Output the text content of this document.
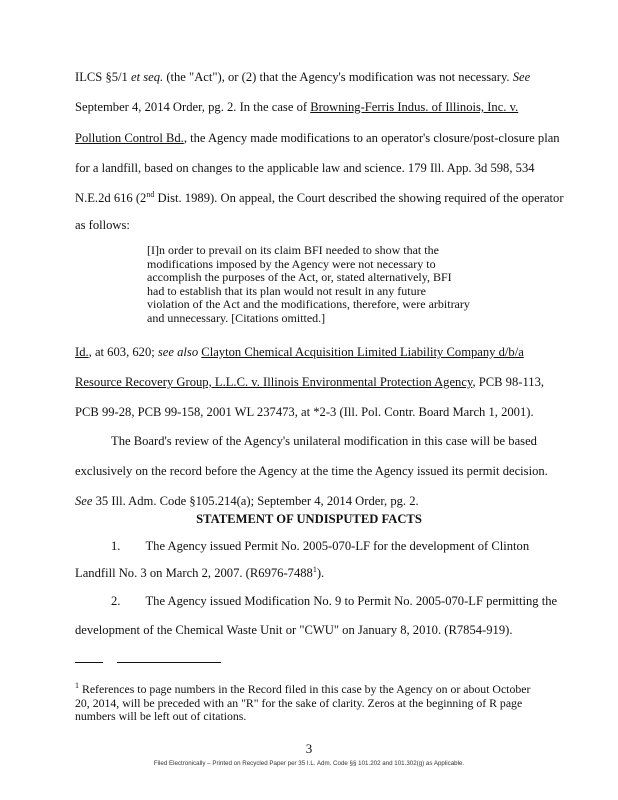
ILCS §5/1 et seq. (the "Act"), or (2) that the Agency's modification was not necessary. See
September 4, 2014 Order, pg. 2. In the case of Browning-Ferris Indus. of Illinois, Inc. v.
Pollution Control Bd., the Agency made modifications to an operator's closure/post-closure plan
for a landfill, based on changes to the applicable law and science. 179 Ill. App. 3d 598, 534
N.E.2d 616 (2nd Dist. 1989). On appeal, the Court described the showing required of the operator
as follows:
[I]n order to prevail on its claim BFI needed to show that the
modifications imposed by the Agency were not necessary to
accomplish the purposes of the Act, or, stated alternatively, BFI
had to establish that its plan would not result in any future
violation of the Act and the modifications, therefore, were arbitrary
and unnecessary. [Citations omitted.]
Id., at 603, 620; see also Clayton Chemical Acquisition Limited Liability Company d/b/a
Resource Recovery Group, L.L.C. v. Illinois Environmental Protection Agency, PCB 98-113,
PCB 99-28, PCB 99-158, 2001 WL 237473, at *2-3 (Ill. Pol. Contr. Board March 1, 2001).
The Board's review of the Agency's unilateral modification in this case will be based
exclusively on the record before the Agency at the time the Agency issued its permit decision.
See 35 Ill. Adm. Code §105.214(a); September 4, 2014 Order, pg. 2.
STATEMENT OF UNDISPUTED FACTS
1. The Agency issued Permit No. 2005-070-LF for the development of Clinton
Landfill No. 3 on March 2, 2007. (R6976-7488$^1$).
2. The Agency issued Modification No. 9 to Permit No. 2005-070-LF permitting the
development of the Chemical Waste Unit or "CWU" on January 8, 2010. (R7854-919).
$^1$ References to page numbers in the Record filed in this case by the Agency on or about October
20, 2014, will be preceded with an "R" for the sake of clarity. Zeros at the beginning of R page
numbers will be left out of citations.
3
Filed Electronically – Printed on Recycled Paper per 35 I.L. Adm. Code §§ 101.202 and 101.302(g) as Applicable.
